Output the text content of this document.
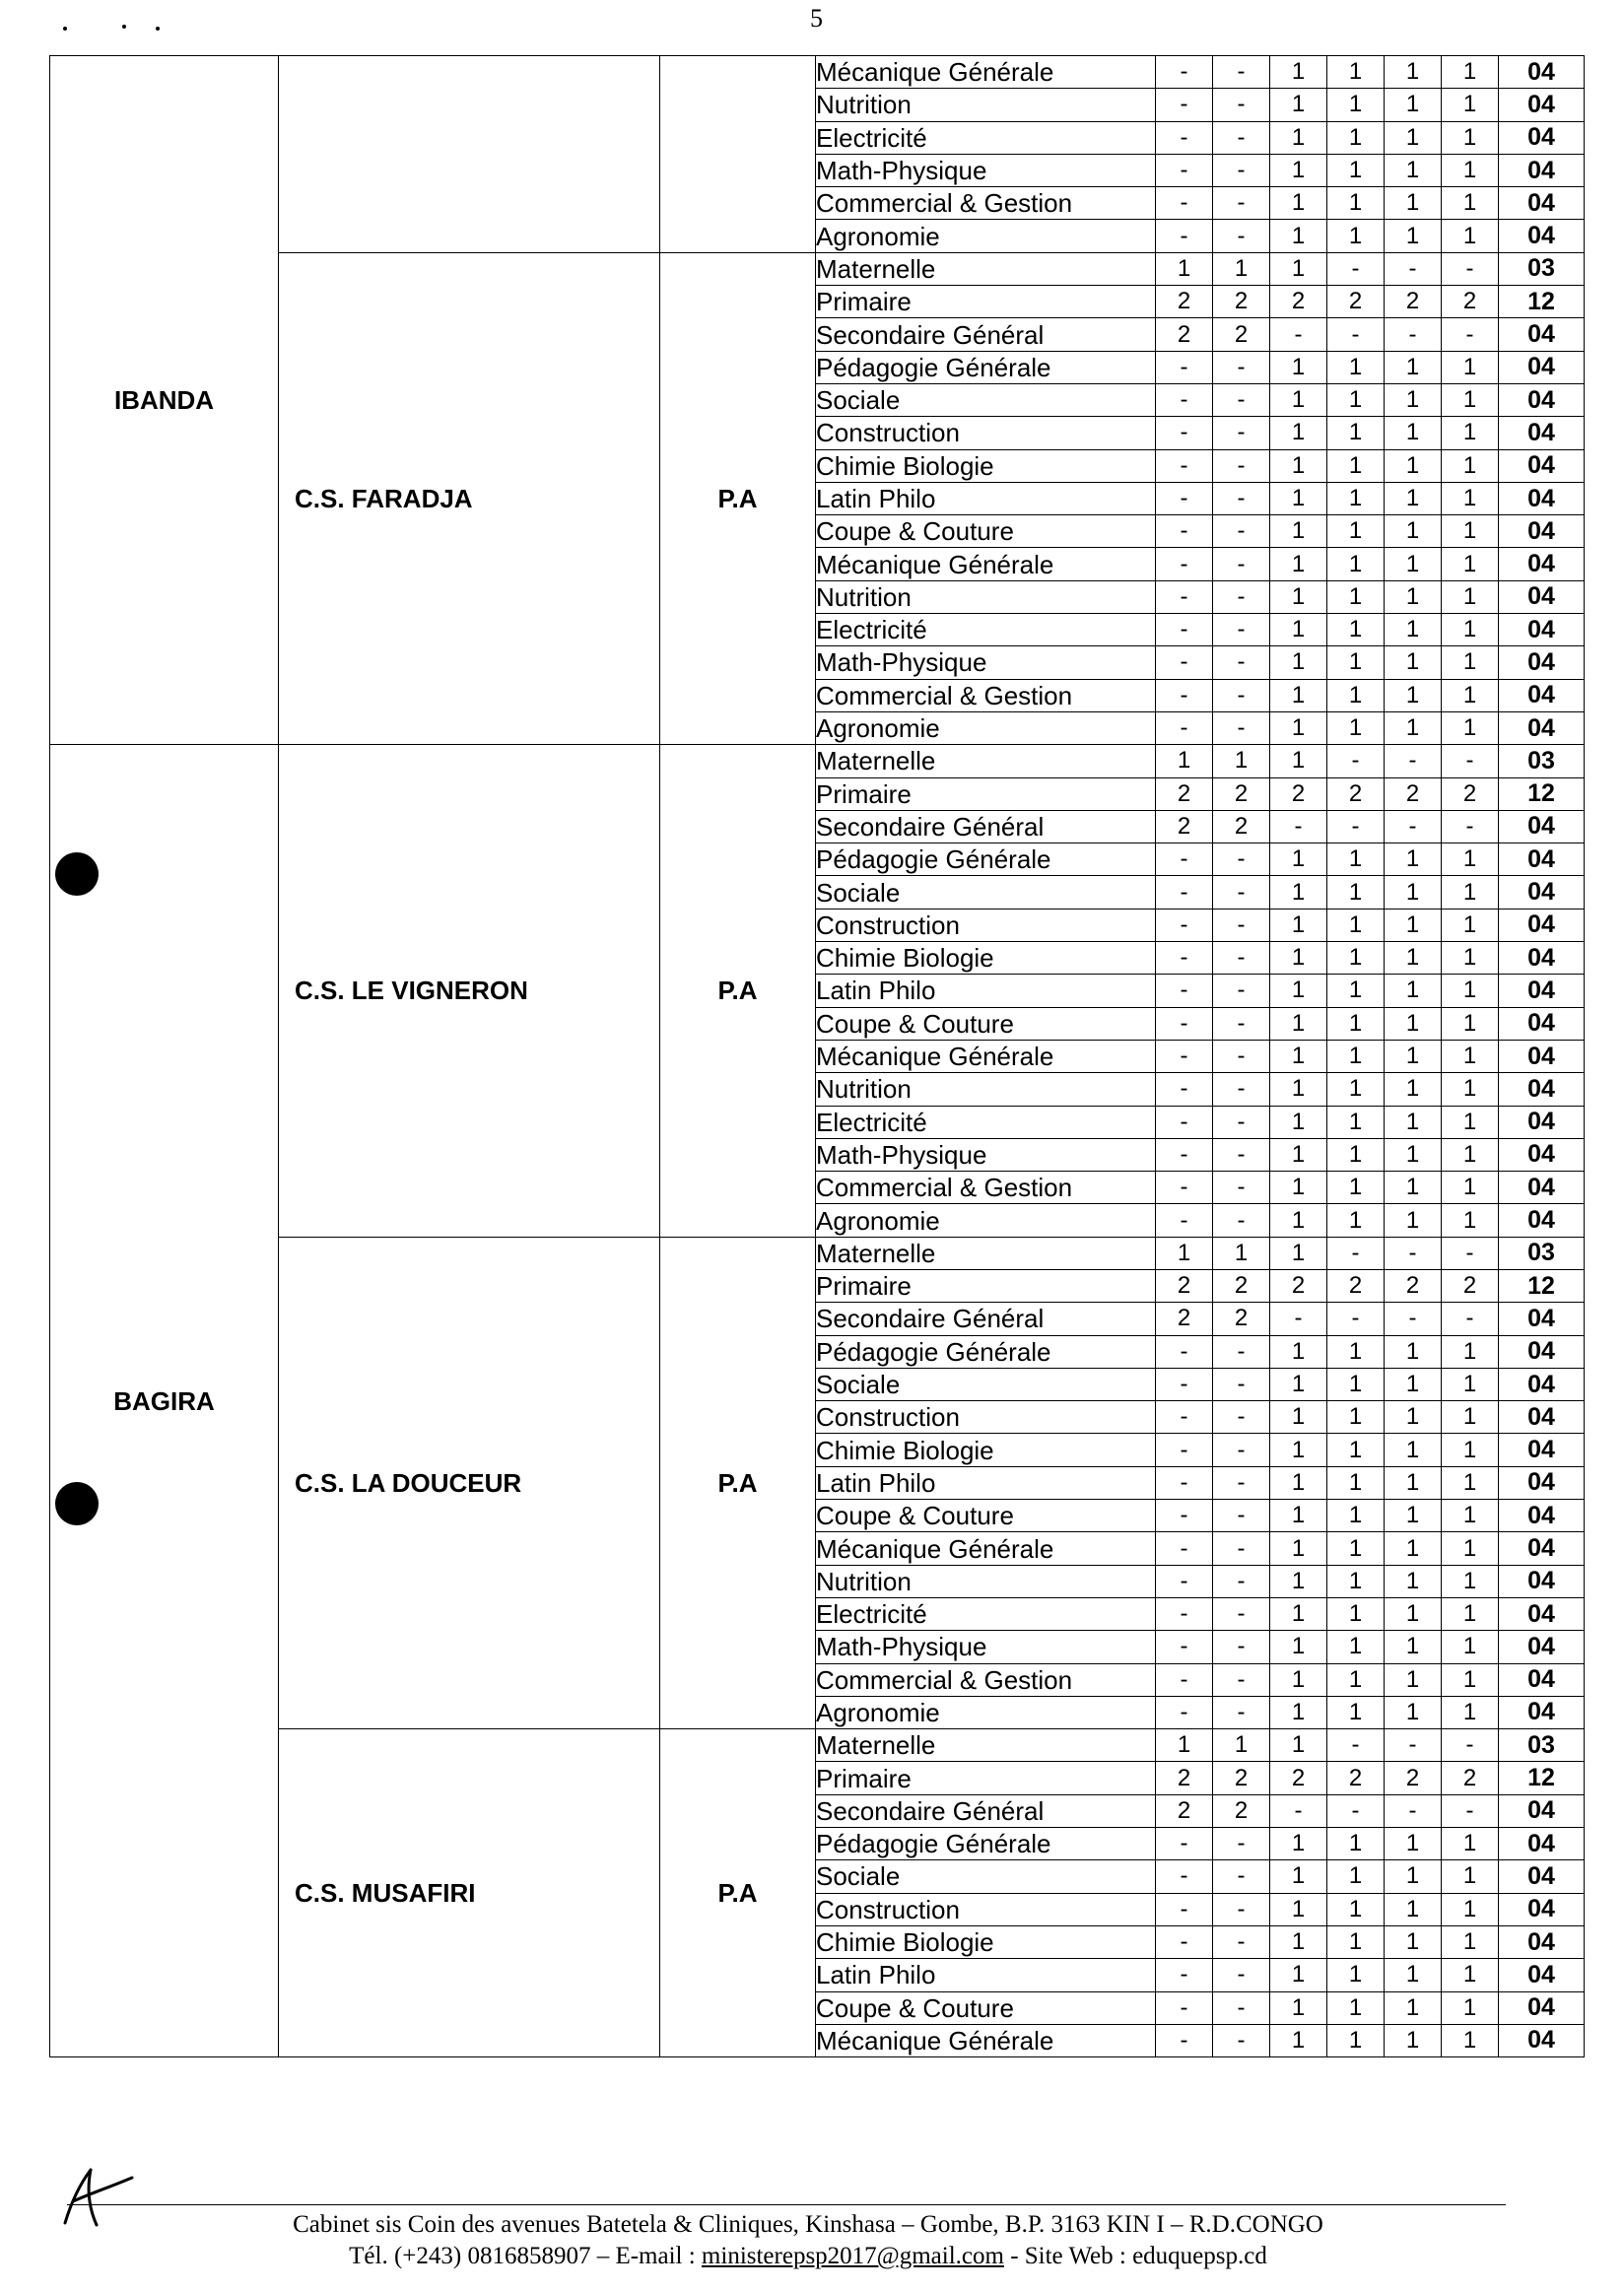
5
IBANDA			Mécanique Générale	-	-	1	1	1	1	04
			Nutrition	-	-	1	1	1	1	04
			Electricité	-	-	1	1	1	1	04
			Math-Physique	-	-	1	1	1	1	04
			Commercial & Gestion	-	-	1	1	1	1	04
			Agronomie	-	-	1	1	1	1	04
	C.S. FARADJA	P.A	Maternelle	1	1	1	-	-	-	03
			Primaire	2	2	2	2	2	2	12
			Secondaire Général	2	2	-	-	-	-	04
			Pédagogie Générale	-	-	1	1	1	1	04
			Sociale	-	-	1	1	1	1	04
			Construction	-	-	1	1	1	1	04
			Chimie Biologie	-	-	1	1	1	1	04
			Latin Philo	-	-	1	1	1	1	04
			Coupe & Couture	-	-	1	1	1	1	04
			Mécanique Générale	-	-	1	1	1	1	04
			Nutrition	-	-	1	1	1	1	04
			Electricité	-	-	1	1	1	1	04
			Math-Physique	-	-	1	1	1	1	04
			Commercial & Gestion	-	-	1	1	1	1	04
			Agronomie	-	-	1	1	1	1	04
BAGIRA	C.S. LE VIGNERON	P.A	Maternelle	1	1	1	-	-	-	03
			Primaire	2	2	2	2	2	2	12
			Secondaire Général	2	2	-	-	-	-	04
			Pédagogie Générale	-	-	1	1	1	1	04
			Sociale	-	-	1	1	1	1	04
			Construction	-	-	1	1	1	1	04
			Chimie Biologie	-	-	1	1	1	1	04
			Latin Philo	-	-	1	1	1	1	04
			Coupe & Couture	-	-	1	1	1	1	04
			Mécanique Générale	-	-	1	1	1	1	04
			Nutrition	-	-	1	1	1	1	04
			Electricité	-	-	1	1	1	1	04
			Math-Physique	-	-	1	1	1	1	04
			Commercial & Gestion	-	-	1	1	1	1	04
			Agronomie	-	-	1	1	1	1	04
	C.S. LA DOUCEUR	P.A	Maternelle	1	1	1	-	-	-	03
			Primaire	2	2	2	2	2	2	12
			Secondaire Général	2	2	-	-	-	-	04
			Pédagogie Générale	-	-	1	1	1	1	04
			Sociale	-	-	1	1	1	1	04
			Construction	-	-	1	1	1	1	04
			Chimie Biologie	-	-	1	1	1	1	04
			Latin Philo	-	-	1	1	1	1	04
			Coupe & Couture	-	-	1	1	1	1	04
			Mécanique Générale	-	-	1	1	1	1	04
			Nutrition	-	-	1	1	1	1	04
			Electricité	-	-	1	1	1	1	04
			Math-Physique	-	-	1	1	1	1	04
			Commercial & Gestion	-	-	1	1	1	1	04
			Agronomie	-	-	1	1	1	1	04
	C.S. MUSAFIRI	P.A	Maternelle	1	1	1	-	-	-	03
			Primaire	2	2	2	2	2	2	12
			Secondaire Général	2	2	-	-	-	-	04
			Pédagogie Générale	-	-	1	1	1	1	04
			Sociale	-	-	1	1	1	1	04
			Construction	-	-	1	1	1	1	04
			Chimie Biologie	-	-	1	1	1	1	04
			Latin Philo	-	-	1	1	1	1	04
			Coupe & Couture	-	-	1	1	1	1	04
			Mécanique Générale	-	-	1	1	1	1	04
Cabinet sis Coin des avenues Batetela & Cliniques, Kinshasa – Gombe, B.P. 3163 KIN I – R.D.CONGO
Tél. (+243) 0816858907 – E-mail : ministerepsp2017@gmail.com - Site Web : eduquepsp.cd
